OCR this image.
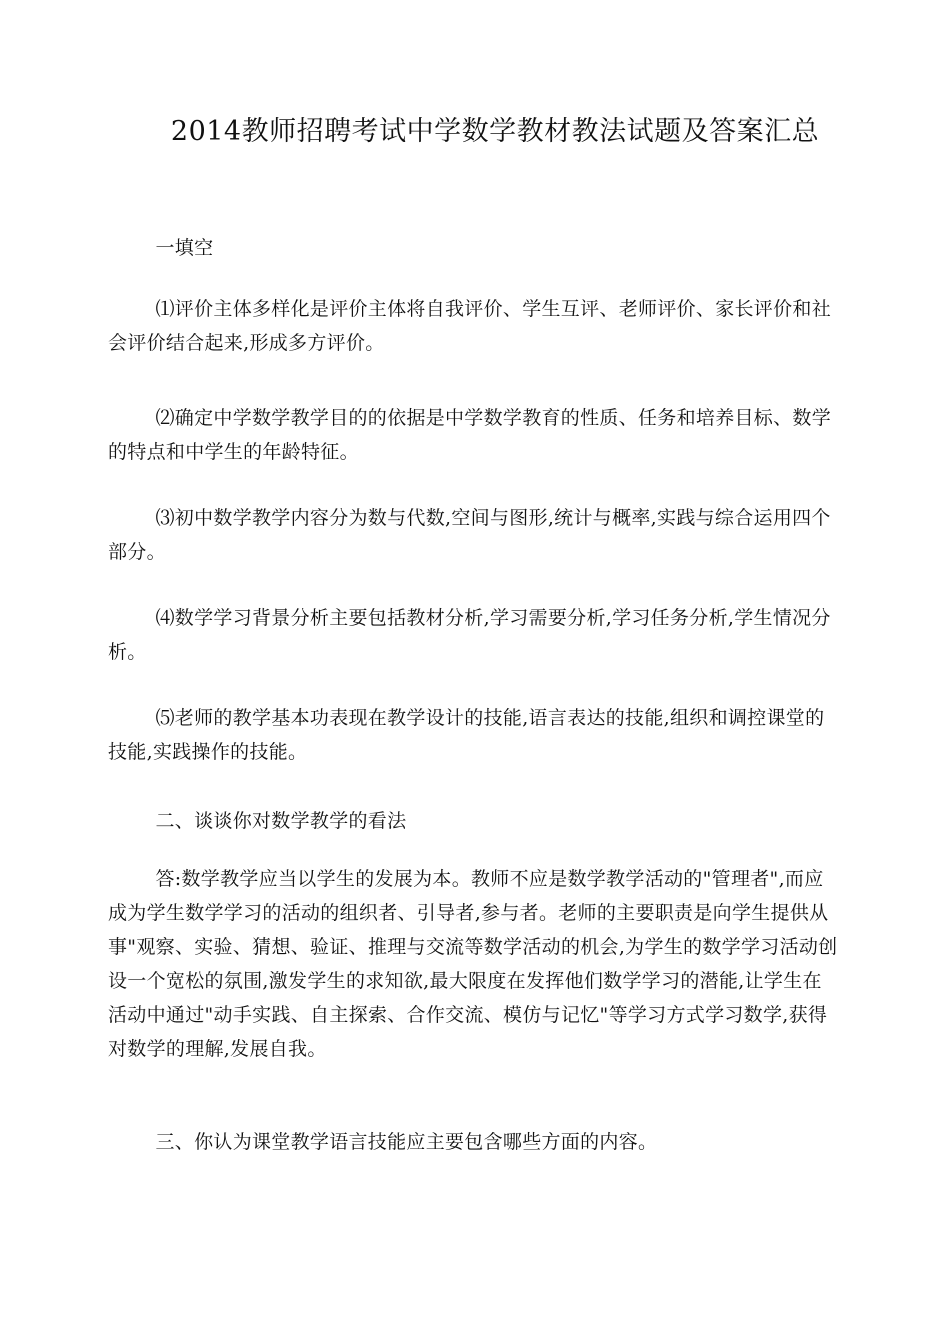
2014教师招聘考试中学数学教材教法试题及答案汇总

一填空

⑴评价主体多样化是评价主体将自我评价、学生互评、老师评价、家长评价和社会评价结合起来,形成多方评价。

⑵确定中学数学教学目的的依据是中学数学教育的性质、任务和培养目标、数学的特点和中学生的年龄特征。

⑶初中数学教学内容分为数与代数,空间与图形,统计与概率,实践与综合运用四个部分。

⑷数学学习背景分析主要包括教材分析,学习需要分析,学习任务分析,学生情况分析。

⑸老师的教学基本功表现在教学设计的技能,语言表达的技能,组织和调控课堂的技能,实践操作的技能。

二、谈谈你对数学教学的看法

答:数学教学应当以学生的发展为本。教师不应是数学教学活动的"管理者",而应成为学生数学学习的活动的组织者、引导者,参与者。老师的主要职责是向学生提供从事"观察、实验、猜想、验证、推理与交流等数学活动的机会,为学生的数学学习活动创设一个宽松的氛围,激发学生的求知欲,最大限度在发挥他们数学学习的潜能,让学生在活动中通过"动手实践、自主探索、合作交流、模仿与记忆"等学习方式学习数学,获得对数学的理解,发展自我。

三、你认为课堂教学语言技能应主要包含哪些方面的内容。
